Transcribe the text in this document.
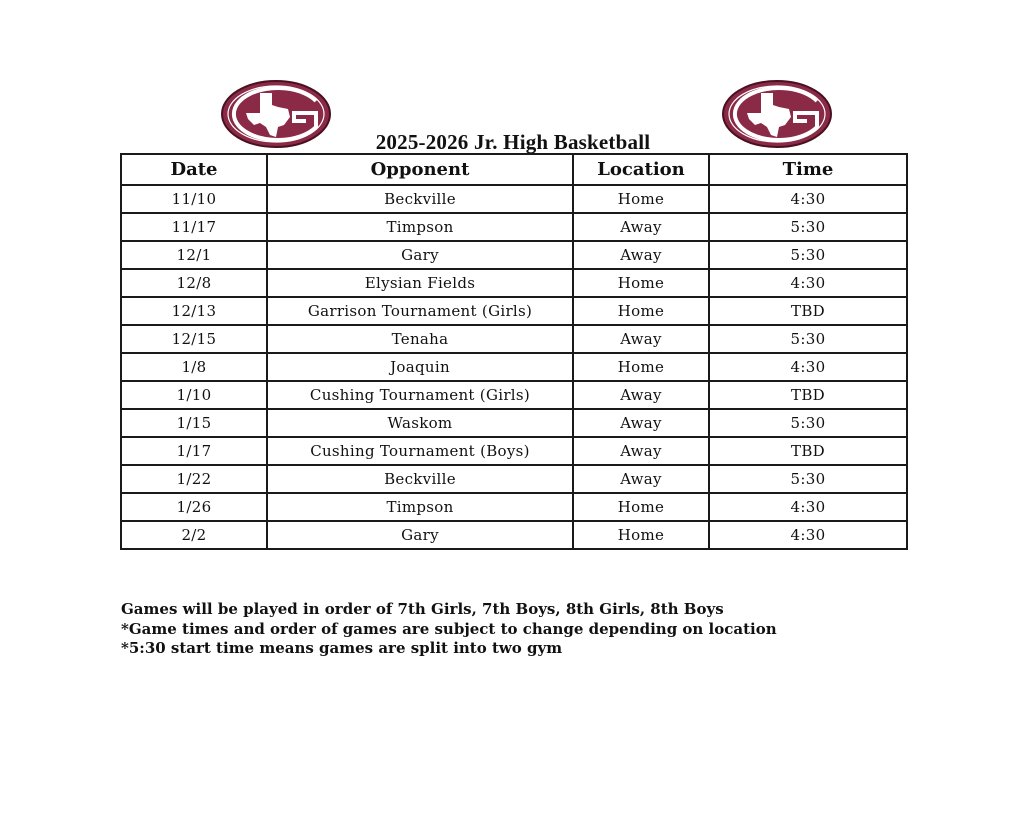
2025-2026 Jr. High Basketball
Date	Opponent	Location	Time
11/10	Beckville	Home	4:30
11/17	Timpson	Away	5:30
12/1	Gary	Away	5:30
12/8	Elysian Fields	Home	4:30
12/13	Garrison Tournament (Girls)	Home	TBD
12/15	Tenaha	Away	5:30
1/8	Joaquin	Home	4:30
1/10	Cushing Tournament (Girls)	Away	TBD
1/15	Waskom	Away	5:30
1/17	Cushing Tournament (Boys)	Away	TBD
1/22	Beckville	Away	5:30
1/26	Timpson	Home	4:30
2/2	Gary	Home	4:30
Games will be played in order of 7th Girls, 7th Boys, 8th Girls, 8th Boys
*Game times and order of games are subject to change depending on location
*5:30 start time means games are split into two gym
